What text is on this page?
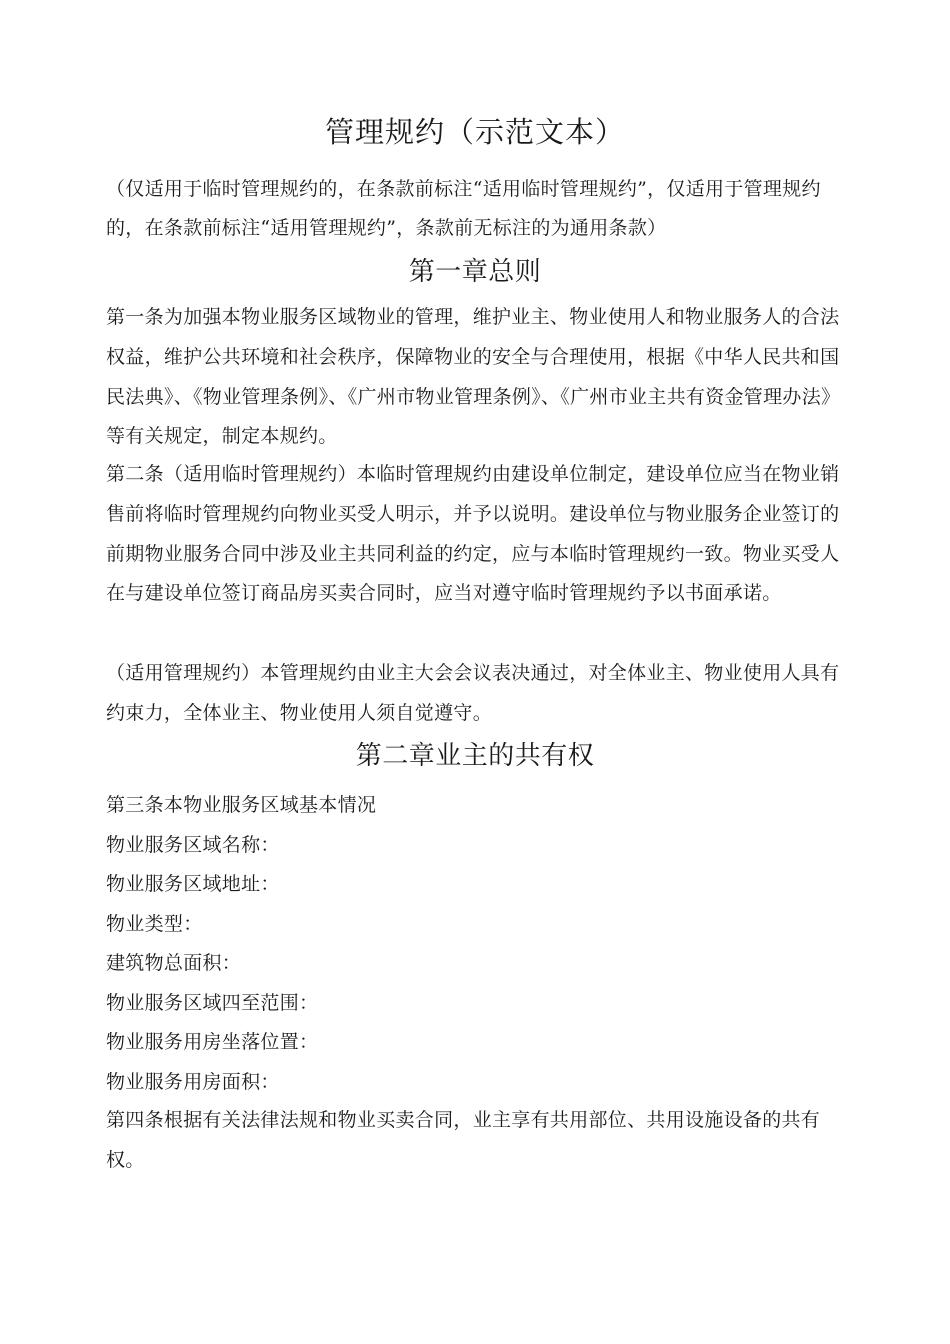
管理规约（示范文本）
（仅适用于临时管理规约的，在条款前标注“适用临时管理规约”，仅适用于管理规约的，在条款前标注“适用管理规约”，条款前无标注的为通用条款）
第一章总则

第一条为加强本物业服务区域物业的管理，维护业主、物业使用人和物业服务人的合法权益，维护公共环境和社会秩序，保障物业的安全与合理使用，根据《中华人民共和国民法典》、《物业管理条例》、《广州市物业管理条例》、《广州市业主共有资金管理办法》等有关规定，制定本规约。

第二条（适用临时管理规约）本临时管理规约由建设单位制定，建设单位应当在物业销售前将临时管理规约向物业买受人明示，并予以说明。建设单位与物业服务企业签订的前期物业服务合同中涉及业主共同利益的约定，应与本临时管理规约一致。物业买受人在与建设单位签订商品房买卖合同时，应当对遵守临时管理规约予以书面承诺。

（适用管理规约）本管理规约由业主大会会议表决通过，对全体业主、物业使用人具有约束力，全体业主、物业使用人须自觉遵守。

第二章业主的共有权
第三条本物业服务区域基本情况
物业服务区域名称：
物业服务区域地址：
物业类型：
建筑物总面积：
物业服务区域四至范围：
物业服务用房坐落位置：
物业服务用房面积：

第四条根据有关法律法规和物业买卖合同，业主享有共用部位、共用设施设备的共有权。
